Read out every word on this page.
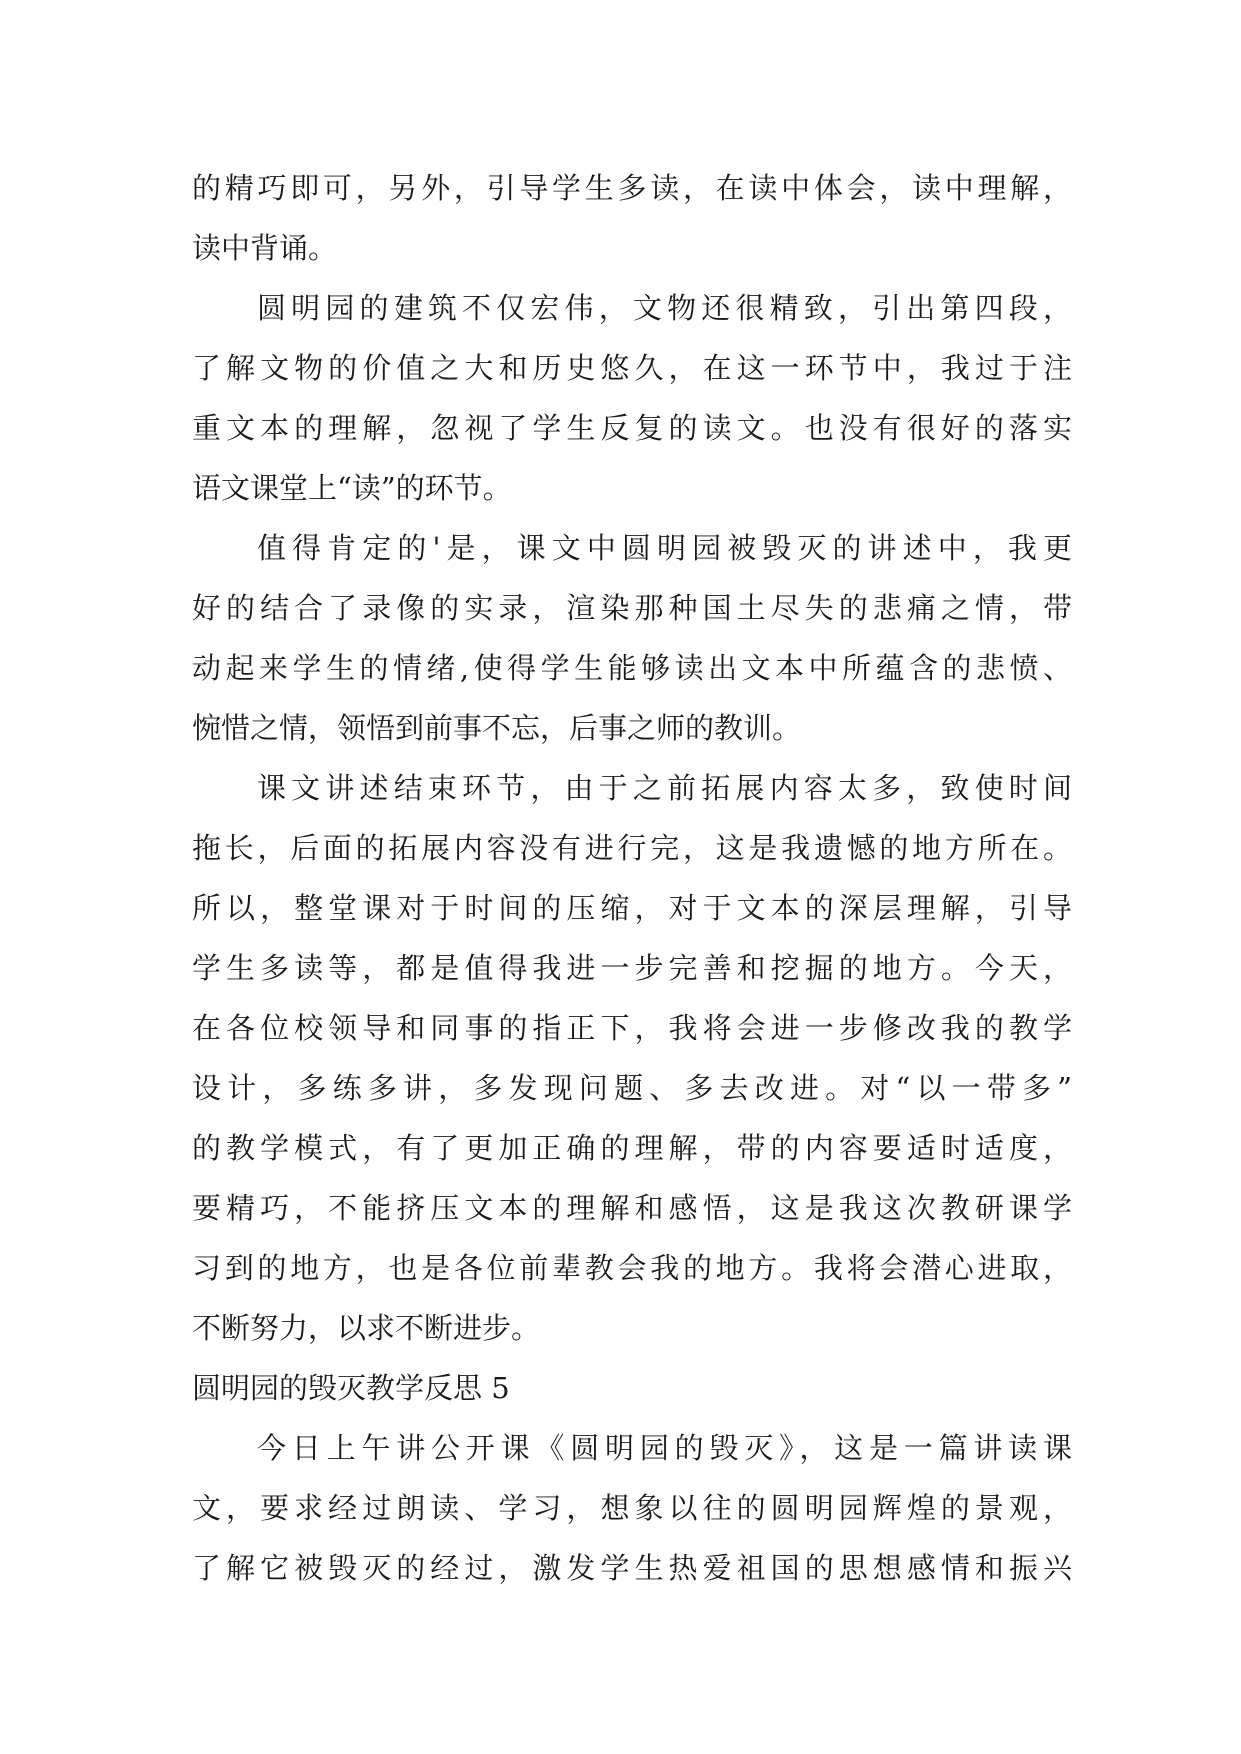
的精巧即可，另外，引导学生多读，在读中体会，读中理解，
读中背诵。
圆明园的建筑不仅宏伟，文物还很精致，引出第四段，
了解文物的价值之大和历史悠久，在这一环节中，我过于注
重文本的理解，忽视了学生反复的读文。也没有很好的落实
语文课堂上“读”的环节。
值得肯定的'是，课文中圆明园被毁灭的讲述中，我更
好的结合了录像的实录，渲染那种国土尽失的悲痛之情，带
动起来学生的情绪,使得学生能够读出文本中所蕴含的悲愤、
惋惜之情，领悟到前事不忘，后事之师的教训。
课文讲述结束环节，由于之前拓展内容太多，致使时间
拖长，后面的拓展内容没有进行完，这是我遗憾的地方所在。
所以，整堂课对于时间的压缩，对于文本的深层理解，引导
学生多读等，都是值得我进一步完善和挖掘的地方。今天，
在各位校领导和同事的指正下，我将会进一步修改我的教学
设计，多练多讲，多发现问题、多去改进。对“以一带多”
的教学模式，有了更加正确的理解，带的内容要适时适度，
要精巧，不能挤压文本的理解和感悟，这是我这次教研课学
习到的地方，也是各位前辈教会我的地方。我将会潜心进取，
不断努力，以求不断进步。
圆明园的毁灭教学反思 5
今日上午讲公开课《圆明园的毁灭》，这是一篇讲读课
文，要求经过朗读、学习，想象以往的圆明园辉煌的景观，
了解它被毁灭的经过，激发学生热爱祖国的思想感情和振兴
